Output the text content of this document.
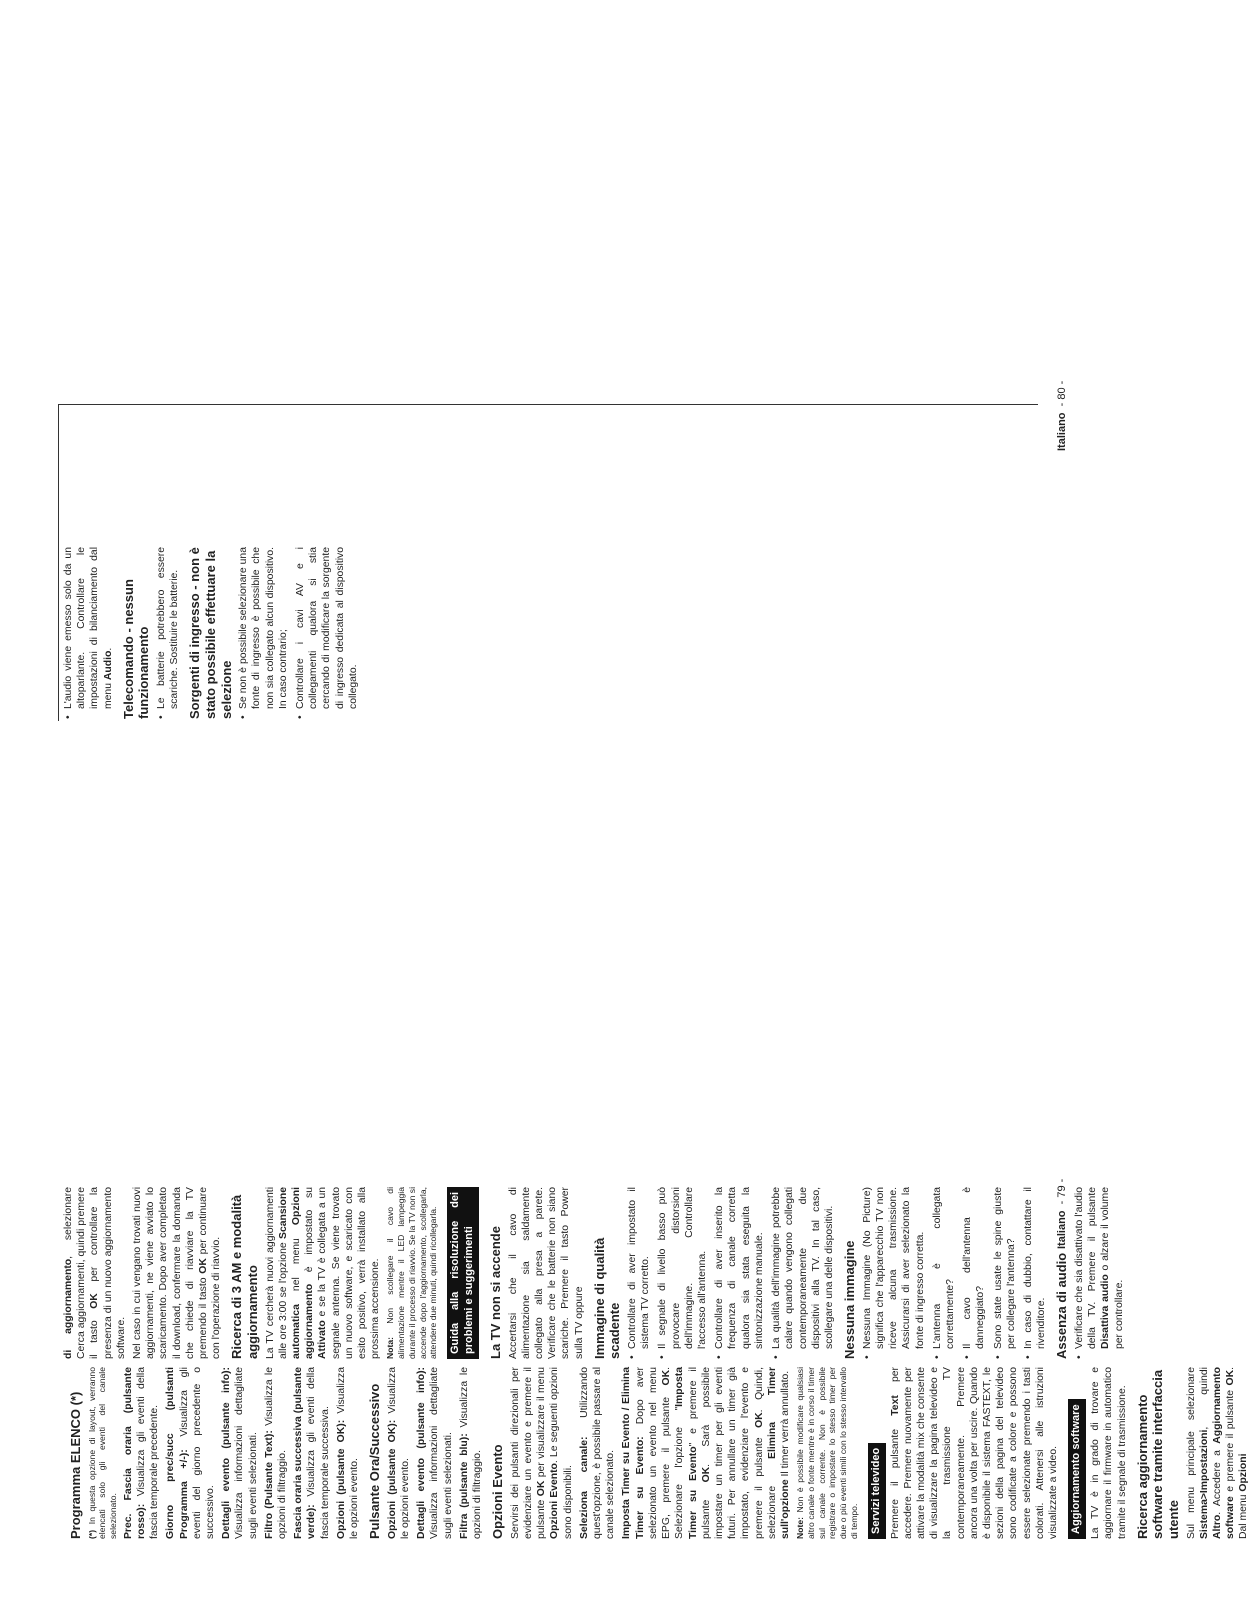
Programma ELENCO (*) (*) In questa opzione di layout, verranno elencati solo gli eventi del canale selezionato. Prec. Fascia oraria (pulsante rosso): Visualizza gli eventi della fascia temporale precedente. Giorno prec/succ (pulsanti Programma +/-): Visualizza gli eventi del giorno precedente o successivo. Dettagli evento (pulsante info): Visualizza informazioni dettagliate sugli eventi selezionati. Filtro (Pulsante Text): Visualizza le opzioni di filtraggio. Fascia oraria successiva (pulsante verde): Visualizza gli eventi della fascia temporale successiva. Opzioni (pulsante OK): Visualizza le opzioni evento. Pulsante Ora/Successivo Opzioni (pulsante OK): Visualizza le opzioni evento. Dettagli evento (pulsante info): Visualizza informazioni dettagliate sugli eventi selezionati. Filtra (pulsante blu): Visualizza le opzioni di filtraggio. Opzioni Evento Servirsi dei pulsanti direzionali per evidenziare un evento e premere il pulsante OK per visualizzare il menu Opzioni Evento. Le seguenti opzioni sono disponibili. Seleziona canale: Utilizzando quest'opzione, è possibile passare al canale selezionato. Imposta Timer su Evento / Elimina Timer su Evento: Dopo aver selezionato un evento nel menu EPG, premere il pulsante OK. Selezionare l'opzione "Imposta Timer su Evento" e premere il pulsante OK. Sarà possibile impostare un timer per gli eventi futuri. Per annullare un timer già impostato, evidenziare l'evento e premere il pulsante OK. Quindi, selezionare Elimina Timer sull'opzione Il timer verrà annullato.

Note: Non è possibile modificare qualsiasi altro canale o fonte mentre è in corso il timer sul canale corrente. Non è possibile registrare o impostare lo stesso timer per due o più eventi simili con lo stesso intervallo di tempo. Servizi televideo Premere il pulsante Text per accedere. Premere nuovamente per attivare la modalità mix che consente di visualizzare la pagina televideo e la trasmissione TV contemporaneamente. Premere ancora una volta per uscire. Quando è disponibile il sistema FASTEXT, le sezioni della pagina del televideo sono codificate a colore e possono essere selezionate premendo i tasti colorati. Attenersi alle istruzioni visualizzate a video.	Aggiornamento software La TV è in grado di trovare e aggiornare il firmware in automatico tramite il segnale di trasmissione. Ricerca aggiornamento software tramite interfaccia utente Sul menu principale selezionare Sistema>Impostazioni, quindi Altro. Accedere a Aggiornamento software e premere il pulsante OK. Dal menu Opzioni

di aggiornamento, selezionare Cerca aggiornamenti, quindi premere il tasto OK per controllare la presenza di un nuovo aggiornamento software. Nel caso in cui vengano trovati nuovi aggiornamenti, ne viene avviato lo scaricamento. Dopo aver completato il download, confermare la domanda che chiede di riavviare la TV premendo il tasto OK per continuare con l'operazione di riavvio. Ricerca di 3 AM e modalità aggiornamento La TV cercherà nuovi aggiornamenti alle ore 3:00 se l'opzione Scansione automatica nel menu Opzioni aggiornamento è impostato su Attivato e se la TV è collegata a un segnale antenna. Se viene trovato un nuovo software, e scaricato con esito positivo, verrà installato alla prossima accensione. Nota: Non scollegare il cavo di alimentazione mentre il LED lampeggia durante il processo di riavvio. Se la TV non si accende dopo l'aggiornamento, scollegarla, attendere due minuti, quindi ricollegarla. Guida alla risoluzione dei problemi e suggerimenti La TV non si accende Accertarsi che il cavo di alimentazione sia saldamente collegato alla presa a parete. Verificare che le batterie non siano scariche. Premere il tasto Power sulla TV oppure Immagine di qualità scadente • Controllare di aver impostato il sistema TV corretto. • Il segnale di livello basso può provocare distorsioni dell'immagine. Controllare l'accesso all'antenna. • Controllare di aver inserito la frequenza di canale corretta qualora sia stata eseguita la sintonizzazione manuale. • La qualità dell'immagine potrebbe calare quando vengono collegati contemporaneamente due dispositivi alla TV. In tal caso, scollegare una delle dispositivi. Nessuna immagine • Nessuna Immagine (No Picture) significa che l'apparecchio TV non riceve alcuna trasmissione. Assicurarsi di aver selezionato la fonte di ingresso corretta. • L'antenna è collegata correttamente? • Il cavo dell'antenna è danneggiato? • Sono state usate le spine giuste per collegare l'antenna? • In caso di dubbio, contattare il rivenditore. Assenza di audio • Verificare che sia disattivato l'audio della TV. Premere il pulsante Disattiva audio o alzare il volume per controllare.
Italiano  - 79 -
• L'audio viene emesso solo da un altoparlante. Controllare le impostazioni di bilanciamento dal menu Audio. Telecomando - nessun funzionamento • Le batterie potrebbero essere scariche. Sostituire le batterie. Sorgenti di ingresso - non è stato possibile effettuare la selezione • Se non è possibile selezionare una fonte di ingresso è possibile che non sia collegato alcun dispositivo. In caso contrario; • Controllare i cavi AV e i collegamenti qualora si stia cercando di modificare la sorgente di ingresso dedicata al dispositivo collegato.
Italiano  - 80 -
